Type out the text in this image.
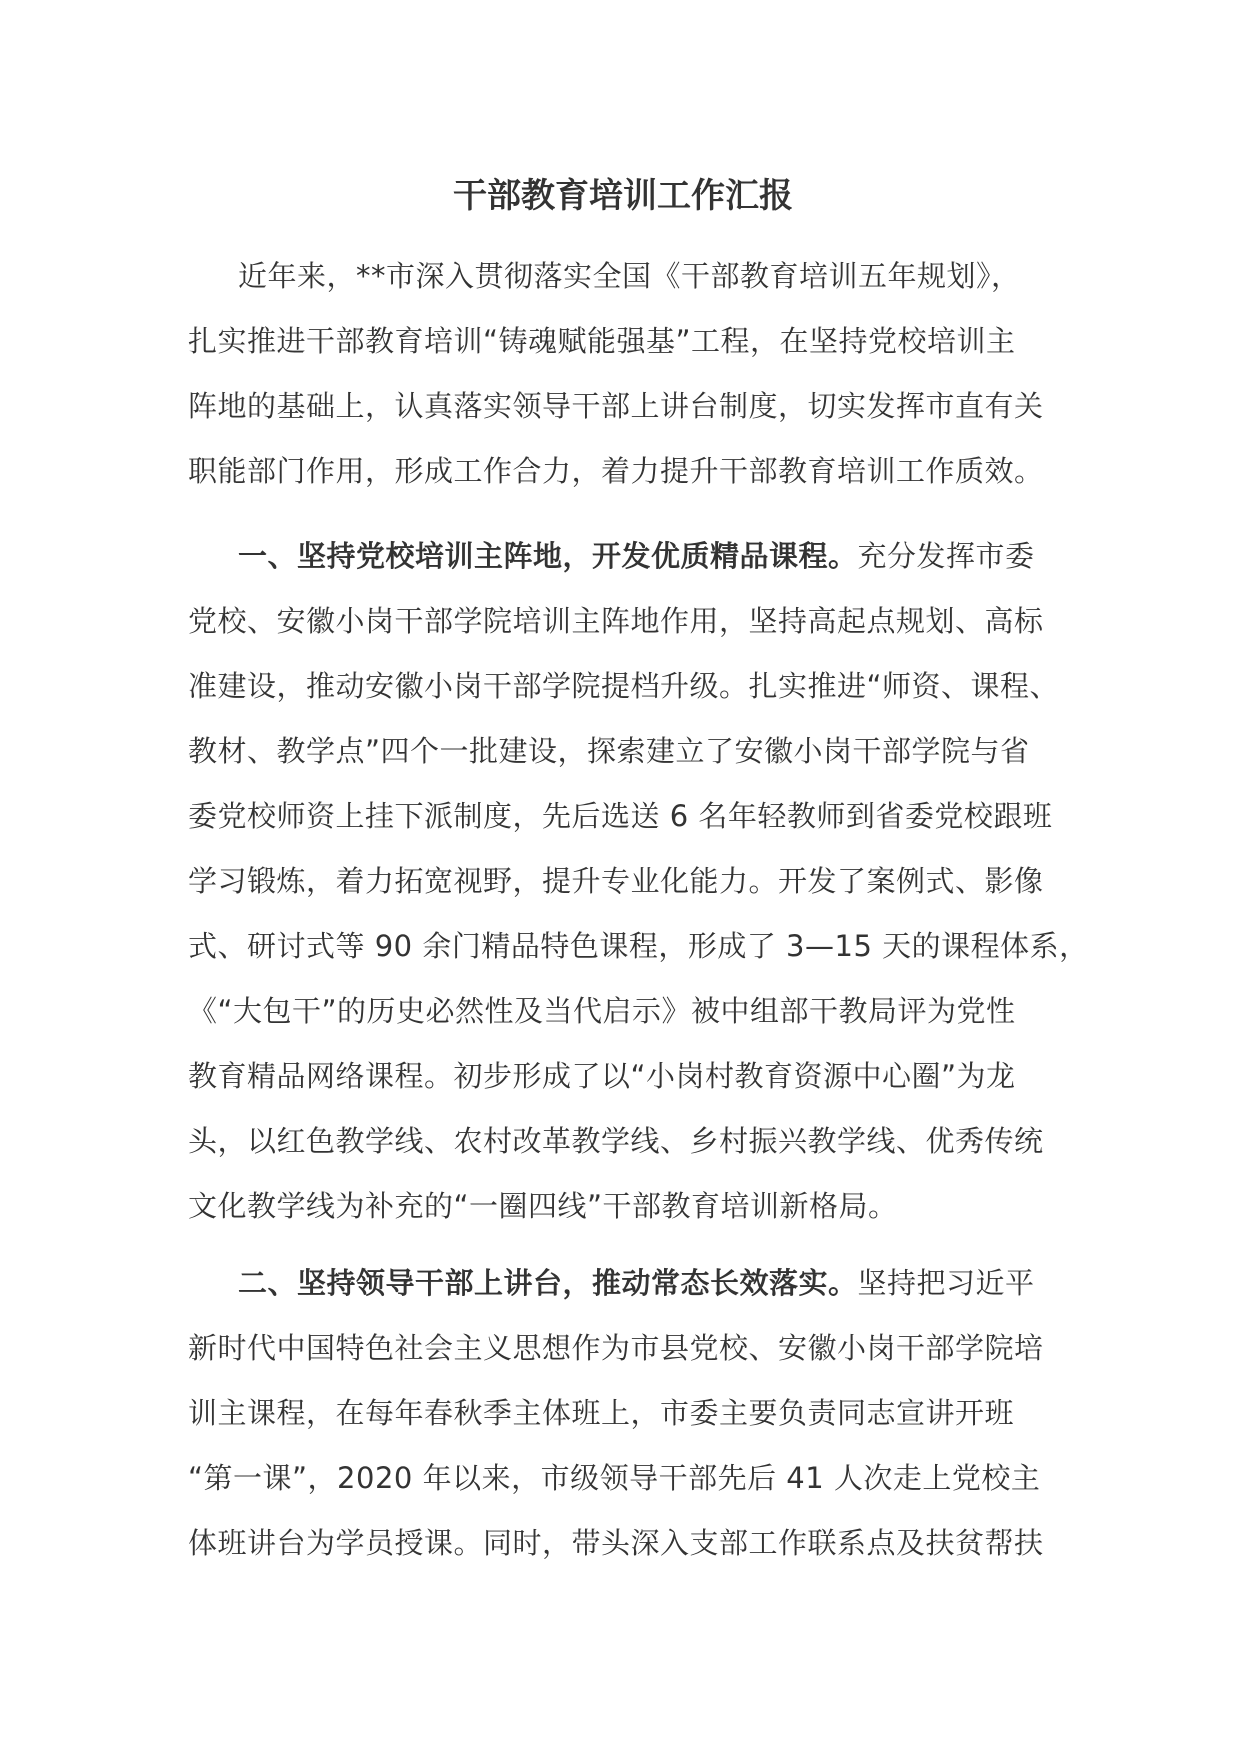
干部教育培训工作汇报
近年来，**市深入贯彻落实全国《干部教育培训五年规划》，
扎实推进干部教育培训“铸魂赋能强基”工程，在坚持党校培训主
阵地的基础上，认真落实领导干部上讲台制度，切实发挥市直有关
职能部门作用，形成工作合力，着力提升干部教育培训工作质效。
一、坚持党校培训主阵地，开发优质精品课程。充分发挥市委
党校、安徽小岗干部学院培训主阵地作用，坚持高起点规划、高标
准建设，推动安徽小岗干部学院提档升级。扎实推进“师资、课程、
教材、教学点”四个一批建设，探索建立了安徽小岗干部学院与省
委党校师资上挂下派制度，先后选送 6 名年轻教师到省委党校跟班
学习锻炼，着力拓宽视野，提升专业化能力。开发了案例式、影像
式、研讨式等 90 余门精品特色课程，形成了 3—15 天的课程体系，
《“大包干”的历史必然性及当代启示》被中组部干教局评为党性
教育精品网络课程。初步形成了以“小岗村教育资源中心圈”为龙
头，以红色教学线、农村改革教学线、乡村振兴教学线、优秀传统
文化教学线为补充的“一圈四线”干部教育培训新格局。
二、坚持领导干部上讲台，推动常态长效落实。坚持把习近平
新时代中国特色社会主义思想作为市县党校、安徽小岗干部学院培
训主课程，在每年春秋季主体班上，市委主要负责同志宣讲开班
“第一课”，2020 年以来，市级领导干部先后 41 人次走上党校主
体班讲台为学员授课。同时，带头深入支部工作联系点及扶贫帮扶
